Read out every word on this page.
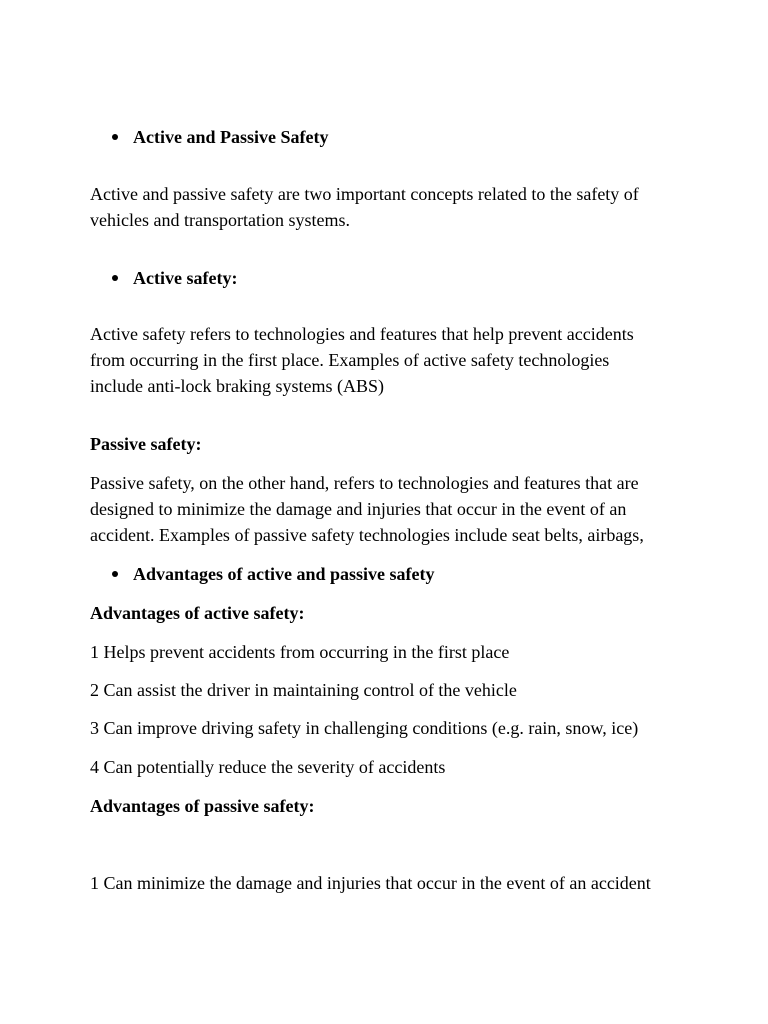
Active and Passive Safety
Active and passive safety are two important concepts related to the safety of
vehicles and transportation systems.
Active safety:
Active safety refers to technologies and features that help prevent accidents
from occurring in the first place. Examples of active safety technologies
include anti-lock braking systems (ABS)
Passive safety:
Passive safety, on the other hand, refers to technologies and features that are
designed to minimize the damage and injuries that occur in the event of an
accident. Examples of passive safety technologies include seat belts, airbags,
Advantages of active and passive safety
Advantages of active safety:
1 Helps prevent accidents from occurring in the first place
2 Can assist the driver in maintaining control of the vehicle
3 Can improve driving safety in challenging conditions (e.g. rain, snow, ice)
4 Can potentially reduce the severity of accidents
Advantages of passive safety:
1 Can minimize the damage and injuries that occur in the event of an accident
